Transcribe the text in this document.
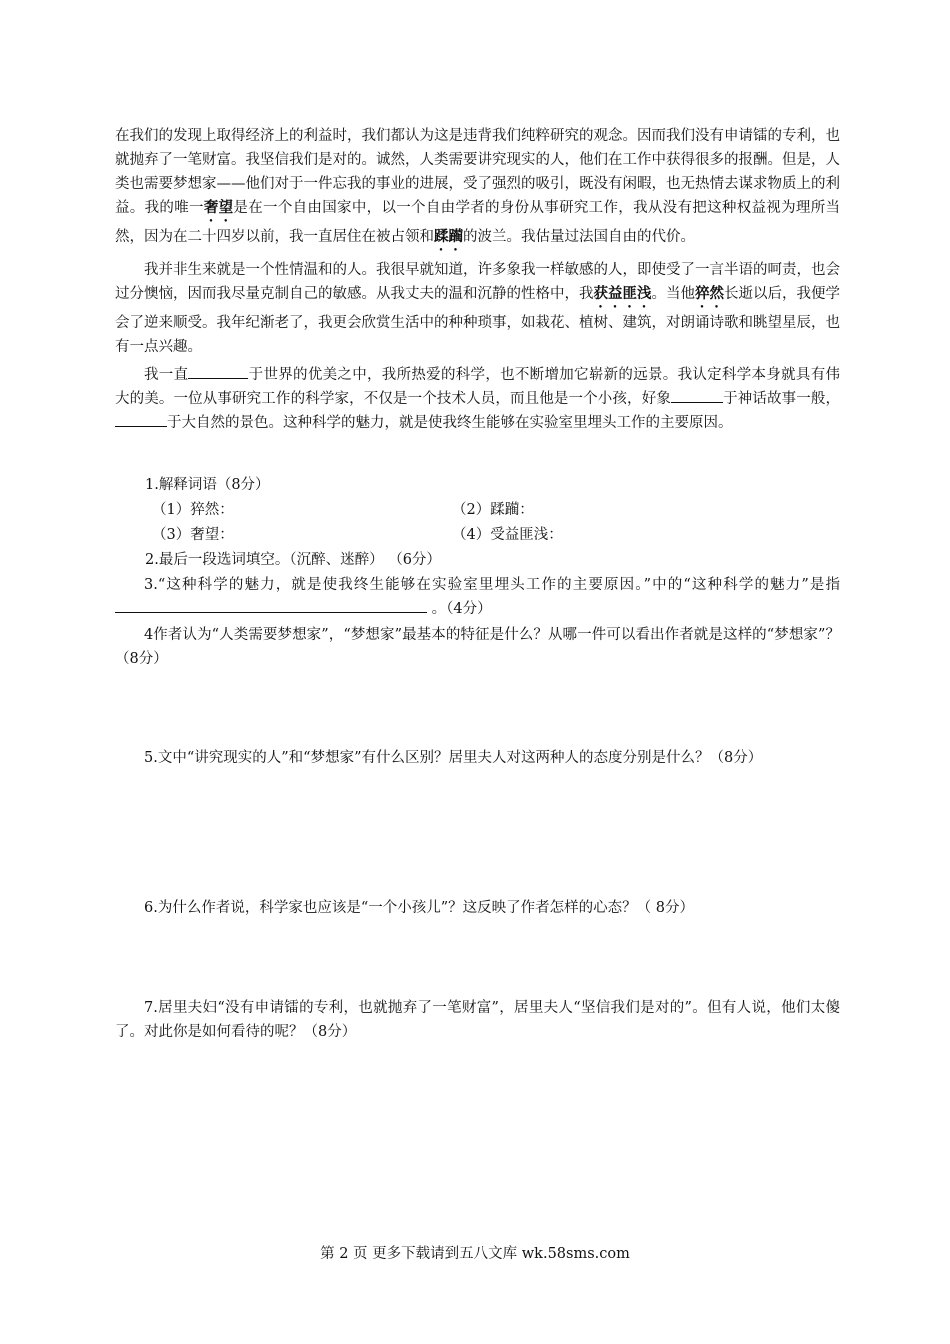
在我们的发现上取得经济上的利益时，我们都认为这是违背我们纯粹研究的观念。因而我们没有申请镭的专利，也就抛弃了一笔财富。我坚信我们是对的。诚然，人类需要讲究现实的人，他们在工作中获得很多的报酬。但是，人类也需要梦想家——他们对于一件忘我的事业的进展，受了强烈的吸引，既没有闲暇，也无热情去谋求物质上的利益。我的唯一奢望是在一个自由国家中，以一个自由学者的身份从事研究工作，我从没有把这种权益视为理所当然，因为在二十四岁以前，我一直居住在被占领和蹂躏的波兰。我估量过法国自由的代价。

我并非生来就是一个性情温和的人。我很早就知道，许多象我一样敏感的人，即使受了一言半语的呵责，也会过分懊恼，因而我尽量克制自己的敏感。从我丈夫的温和沉静的性格中，我获益匪浅。当他猝然长逝以后，我便学会了逆来顺受。我年纪渐老了，我更会欣赏生活中的种种琐事，如栽花、植树、建筑，对朗诵诗歌和眺望星辰，也有一点兴趣。

我一直	于世界的优美之中，我所热爱的科学，也不断增加它崭新的远景。我认定科学本身就具有伟大的美。一位从事研究工作的科学家，不仅是一个技术人员，而且他是一个小孩，好象	于神话故事一般，于大自然的景色。这种科学的魅力，就是使我终生能够在实验室里埋头工作的主要原因。

1.解释词语（8分）

（1）猝然：	（2）蹂躏：
（3）奢望：	（4）受益匪浅：

2.最后一段选词填空。（沉醉、迷醉） （6分）

3.“这种科学的魅力，就是使我终生能够在实验室里埋头工作的主要原因。”中的“这种科学的魅力”是指  。（4分）

4作者认为“人类需要梦想家”，“梦想家”最基本的特征是什么？从哪一件可以看出作者就是这样的“梦想家”？ （8分）

5.文中“讲究现实的人”和“梦想家”有什么区别？居里夫人对这两种人的态度分别是什么？（8分）

6.为什么作者说，科学家也应该是“一个小孩儿”？这反映了作者怎样的心态？（ 8分）

7.居里夫妇“没有申请镭的专利，也就抛弃了一笔财富”，居里夫人“坚信我们是对的”。但有人说，他们太傻了。对此你是如何看待的呢？（8分）

第 2 页 更多下载请到五八文库 wk.58sms.com
